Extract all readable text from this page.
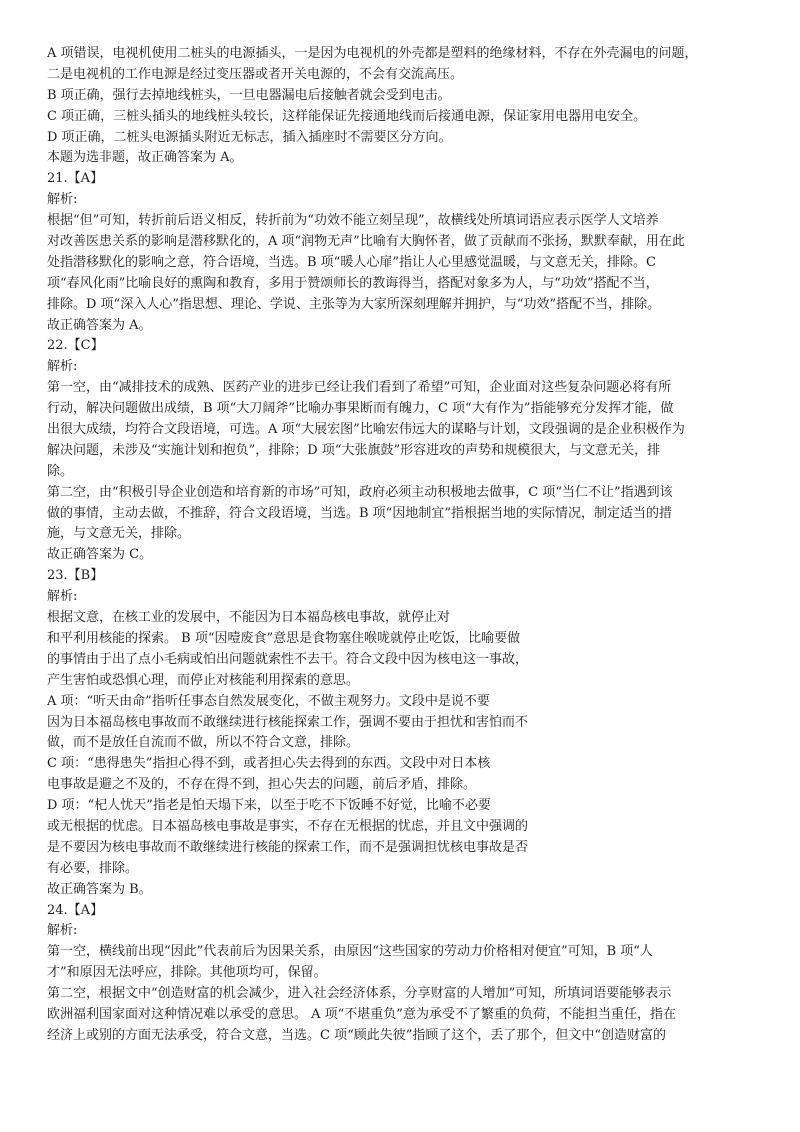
A 项错误，电视机使用二桩头的电源插头，一是因为电视机的外壳都是塑料的绝缘材料，不存在外壳漏电的问题，
二是电视机的工作电源是经过变压器或者开关电源的，不会有交流高压。
B 项正确，强行去掉地线桩头，一旦电器漏电后接触者就会受到电击。
C 项正确，三桩头插头的地线桩头较长，这样能保证先接通地线而后接通电源，保证家用电器用电安全。
D 项正确，二桩头电源插头附近无标志，插入插座时不需要区分方向。
本题为选非题，故正确答案为 A。
21.【A】
解析:
根据“但”可知，转折前后语义相反，转折前为“功效不能立刻呈现”，故横线处所填词语应表示医学人文培养
对改善医患关系的影响是潜移默化的，A 项“润物无声”比喻有大胸怀者，做了贡献而不张扬，默默奉献，用在此
处指潜移默化的影响之意，符合语境，当选。B 项“暖人心扉”指让人心里感觉温暖，与文意无关，排除。C
项“春风化雨”比喻良好的熏陶和教育，多用于赞颂师长的教诲得当，搭配对象多为人，与“功效”搭配不当，
排除。D 项“深入人心”指思想、理论、学说、主张等为大家所深刻理解并拥护，与“功效”搭配不当，排除。
故正确答案为 A。
22.【C】
解析:
第一空，由“减排技术的成熟、医药产业的进步已经让我们看到了希望”可知，企业面对这些复杂问题必将有所
行动，解决问题做出成绩，B 项“大刀阔斧”比喻办事果断而有魄力，C 项“大有作为”指能够充分发挥才能，做
出很大成绩，均符合文段语境，可选。A 项“大展宏图”比喻宏伟远大的谋略与计划，文段强调的是企业积极作为
解决问题，未涉及“实施计划和抱负”，排除；D 项“大张旗鼓”形容进攻的声势和规模很大，与文意无关，排
除。
第二空，由“积极引导企业创造和培育新的市场”可知，政府必须主动积极地去做事，C 项“当仁不让”指遇到该
做的事情，主动去做，不推辞，符合文段语境，当选。B 项“因地制宜”指根据当地的实际情况，制定适当的措
施，与文意无关，排除。
故正确答案为 C。
23.【B】
解析:
根据文意，在核工业的发展中，不能因为日本福岛核电事故，就停止对
和平利用核能的探索。 B 项“因噎废食”意思是食物塞住喉咙就停止吃饭，比喻要做
的事情由于出了点小毛病或怕出问题就索性不去干。符合文段中因为核电这一事故，
产生害怕或恐惧心理，而停止对核能利用探索的意思。
A 项：“听天由命”指听任事态自然发展变化，不做主观努力。文段中是说不要
因为日本福岛核电事故而不敢继续进行核能探索工作，强调不要由于担忧和害怕而不
做，而不是放任自流而不做，所以不符合文意，排除。
C 项：“患得患失”指担心得不到，或者担心失去得到的东西。文段中对日本核
电事故是避之不及的，不存在得不到，担心失去的问题，前后矛盾，排除。
D 项：“杞人忧天”指老是怕天塌下来，以至于吃不下饭睡不好觉，比喻不必要
或无根据的忧虑。日本福岛核电事故是事实，不存在无根据的忧虑，并且文中强调的
是不要因为核电事故而不敢继续进行核能的探索工作，而不是强调担忧核电事故是否
有必要，排除。
故正确答案为 B。
24.【A】
解析:
第一空，横线前出现“因此”代表前后为因果关系，由原因“这些国家的劳动力价格相对便宜”可知，B 项“人
才”和原因无法呼应，排除。其他项均可，保留。
第二空，根据文中“创造财富的机会减少，进入社会经济体系，分享财富的人增加”可知，所填词语要能够表示
欧洲福利国家面对这种情况难以承受的意思。 A 项“不堪重负”意为承受不了繁重的负荷，不能担当重任，指在
经济上或别的方面无法承受，符合文意，当选。C 项“顾此失彼”指顾了这个，丢了那个，但文中“创造财富的
